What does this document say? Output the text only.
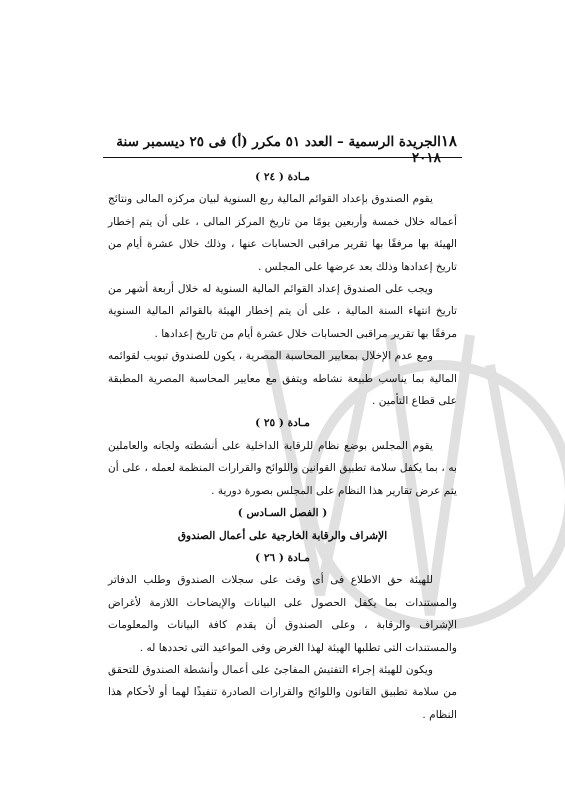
١٨
الجريدة الرسمية – العدد ٥١ مكرر (أ) فى ٢٥ ديسمبر سنة ٢٠١٨
مـادة ( ٢٤ )

يقوم الصندوق بإعداد القوائم المالية ربع السنوية لبيان مركزه المالى ونتائج أعماله خلال خمسة وأربعين يومًا من تاريخ المركز المالى ، على أن يتم إخطار الهيئة بها مرفقًا بها تقرير مراقبى الحسابات عنها ، وذلك خلال عشرة أيام من تاريخ إعدادها وذلك بعد عرضها على المجلس .

ويجب على الصندوق إعداد القوائم المالية السنوية له خلال أربعة أشهر من تاريخ انتهاء السنة المالية ، على أن يتم إخطار الهيئة بالقوائم المالية السنوية مرفقًا بها تقرير مراقبى الحسابات خلال عشرة أيام من تاريخ إعدادها .

ومع عدم الإخلال بمعايير المحاسبة المصرية ، يكون للصندوق تبويب لقوائمه المالية بما يناسب طبيعة نشاطه ويتفق مع معايير المحاسبة المصرية المطبقة على قطاع التأمين .

مـادة ( ٢٥ )

يقوم المجلس بوضع نظام للرقابة الداخلية على أنشطته ولجانه والعاملين به ، بما يكفل سلامة تطبيق القوانين واللوائح والقرارات المنظمة لعمله ، على أن يتم عرض تقارير هذا النظام على المجلس بصورة دورية .

( الفصل السـادس )
الإشراف والرقابة الخارجية على أعمال الصندوق
مـادة ( ٢٦ )

للهيئة حق الاطلاع فى أى وقت على سجلات الصندوق وطلب الدفاتر والمستندات بما يكفل الحصول على البيانات والإيضاحات اللازمة لأغراض الإشراف والرقابة ، وعلى الصندوق أن يقدم كافة البيانات والمعلومات والمستندات التى تطلبها الهيئة لهذا الغرض وفى المواعيد التى تحددها له .

ويكون للهيئة إجراء التفتيش المفاجئ على أعمال وأنشطة الصندوق للتحقق من سلامة تطبيق القانون واللوائح والقرارات الصادرة تنفيذًا لهما أو لأحكام هذا النظام .
